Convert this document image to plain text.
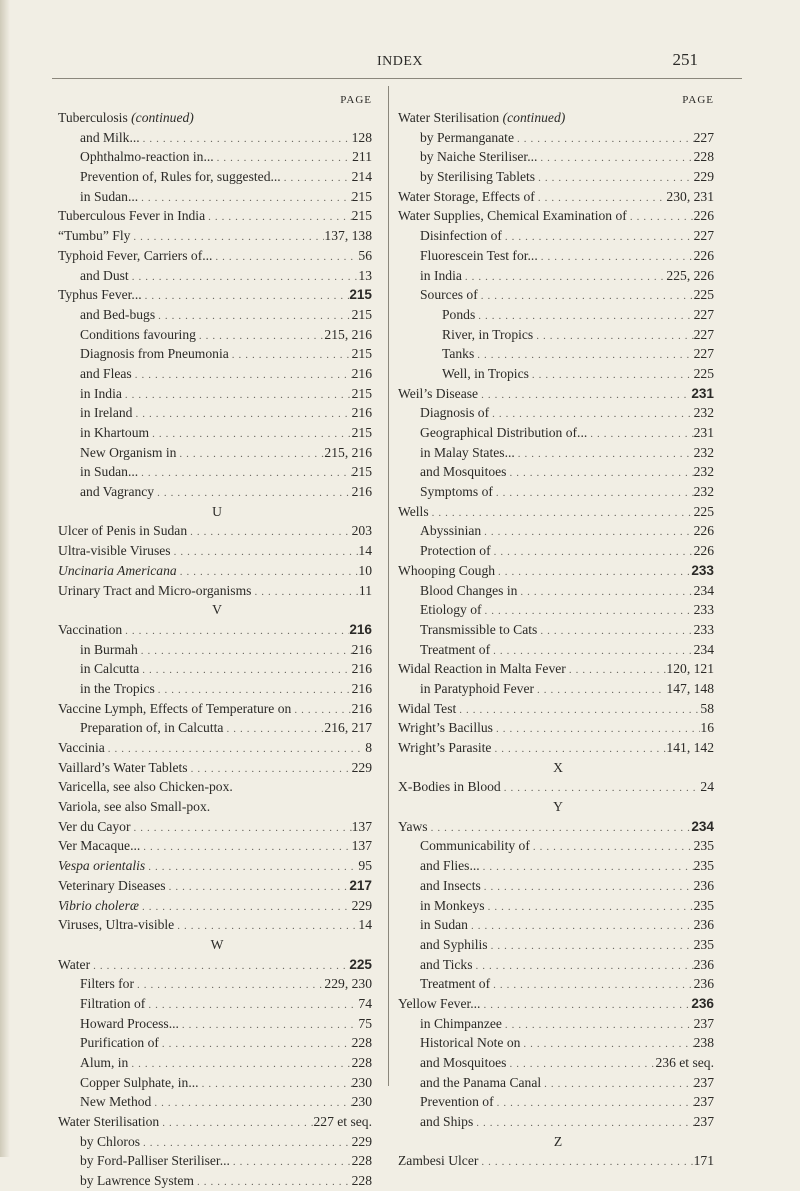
INDEX	251
PAGE
Tuberculosis (continued)
and Milk... .....	128
Ophthalmo-reaction in... .....	211
Prevention of, Rules for, suggested... .....	214
in Sudan... .....	215
Tuberculous Fever in India .....	215
“Tumbu” Fly .....	137, 138
Typhoid Fever, Carriers of... .....	56
and Dust .....	13
Typhus Fever... .....	215
and Bed-bugs .....	215
Conditions favouring .....	215, 216
Diagnosis from Pneumonia .....	215
and Fleas .....	216
in India .....	215
in Ireland .....	216
in Khartoum .....	215
New Organism in .....	215, 216
in Sudan... .....	215
and Vagrancy .....	216
U
Ulcer of Penis in Sudan .....	203
Ultra-visible Viruses .....	14
Uncinaria Americana .....	10
Urinary Tract and Micro-organisms .....	11
V
Vaccination .....	216
in Burmah .....	216
in Calcutta .....	216
in the Tropics .....	216
Vaccine Lymph, Effects of Temperature on .....	216
Preparation of, in Calcutta .....	216, 217
Vaccinia .....	8
Vaillard’s Water Tablets .....	229
Varicella, see also Chicken-pox.
Variola, see also Small-pox.
Ver du Cayor .....	137
Ver Macaque... .....	137
Vespa orientalis .....	95
Veterinary Diseases .....	217
Vibrio choleræ .....	229
Viruses, Ultra-visible .....	14
W
Water .....	225
Filters for .....	229, 230
Filtration of .....	74
Howard Process... .....	75
Purification of .....	228
Alum, in .....	228
Copper Sulphate, in... .....	230
New Method .....	230
Water Sterilisation .....	227 et seq.
by Chloros .....	229
by Ford-Palliser Steriliser... .....	228
by Lawrence System .....	228
PAGE
Water Sterilisation (continued)
by Permanganate .....	227
by Naiche Steriliser... .....	228
by Sterilising Tablets .....	229
Water Storage, Effects of .....	230, 231
Water Supplies, Chemical Examination of .....	226
Disinfection of .....	227
Fluorescein Test for... .....	226
in India .....	225, 226
Sources of .....	225
Ponds .....	227
River, in Tropics .....	227
Tanks .....	227
Well, in Tropics .....	225
Weil’s Disease .....	231
Diagnosis of .....	232
Geographical Distribution of... .....	231
in Malay States... .....	232
and Mosquitoes .....	232
Symptoms of .....	232
Wells .....	225
Abyssinian .....	226
Protection of .....	226
Whooping Cough .....	233
Blood Changes in .....	234
Etiology of .....	233
Transmissible to Cats .....	233
Treatment of .....	234
Widal Reaction in Malta Fever .....	120, 121
in Paratyphoid Fever .....	147, 148
Widal Test .....	58
Wright’s Bacillus .....	16
Wright’s Parasite .....	141, 142
X
X-Bodies in Blood .....	24
Y
Yaws .....	234
Communicability of .....	235
and Flies... .....	235
and Insects .....	236
in Monkeys .....	235
in Sudan .....	236
and Syphilis .....	235
and Ticks .....	236
Treatment of .....	236
Yellow Fever... .....	236
in Chimpanzee .....	237
Historical Note on .....	238
and Mosquitoes .....	236 et seq.
and the Panama Canal .....	237
Prevention of .....	237
and Ships .....	237
Z
Zambesi Ulcer .....	171
